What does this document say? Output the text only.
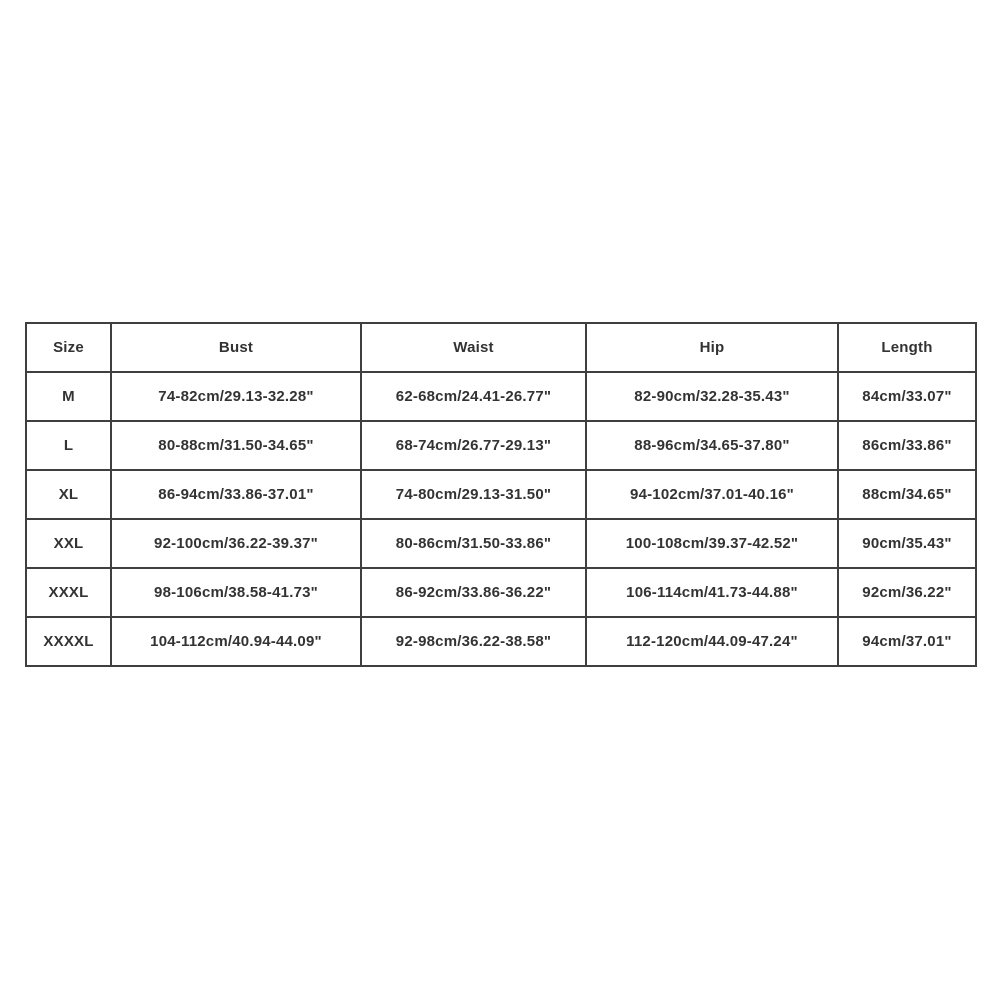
Size	Bust	Waist	Hip	Length
M	74-82cm/29.13-32.28"	62-68cm/24.41-26.77"	82-90cm/32.28-35.43"	84cm/33.07"
L	80-88cm/31.50-34.65"	68-74cm/26.77-29.13"	88-96cm/34.65-37.80"	86cm/33.86"
XL	86-94cm/33.86-37.01"	74-80cm/29.13-31.50"	94-102cm/37.01-40.16"	88cm/34.65"
XXL	92-100cm/36.22-39.37"	80-86cm/31.50-33.86"	100-108cm/39.37-42.52"	90cm/35.43"
XXXL	98-106cm/38.58-41.73"	86-92cm/33.86-36.22"	106-114cm/41.73-44.88"	92cm/36.22"
XXXXL	104-112cm/40.94-44.09"	92-98cm/36.22-38.58"	112-120cm/44.09-47.24"	94cm/37.01"
